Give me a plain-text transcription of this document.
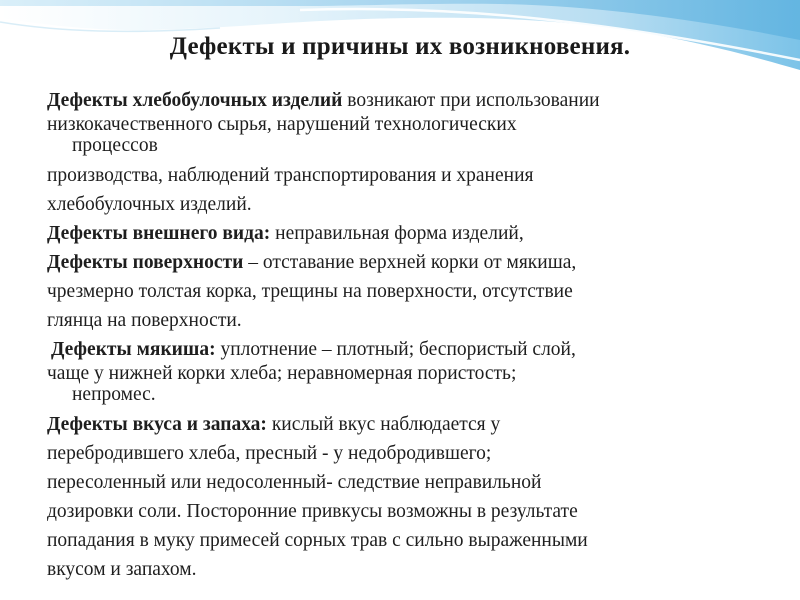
Дефекты и причины их возникновения.
Дефекты хлебобулочных изделий возникают при использовании
низкокачественного сырья, нарушений технологических
процессов
производства, наблюдений транспортирования и хранения
хлебобулочных изделий.
Дефекты внешнего вида: неправильная форма изделий,
Дефекты поверхности – отставание верхней корки от мякиша,
чрезмерно толстая корка, трещины на поверхности, отсутствие
глянца на поверхности.
Дефекты мякиша: уплотнение – плотный; беспористый слой,
чаще у нижней корки хлеба; неравномерная пористость;
непромес.
Дефекты вкуса и запаха: кислый вкус наблюдается у
перебродившего хлеба, пресный - у недобродившего;
пересоленный или недосоленный- следствие неправильной
дозировки соли. Посторонние привкусы возможны в результате
попадания в муку примесей сорных трав с сильно выраженными
вкусом и запахом.
